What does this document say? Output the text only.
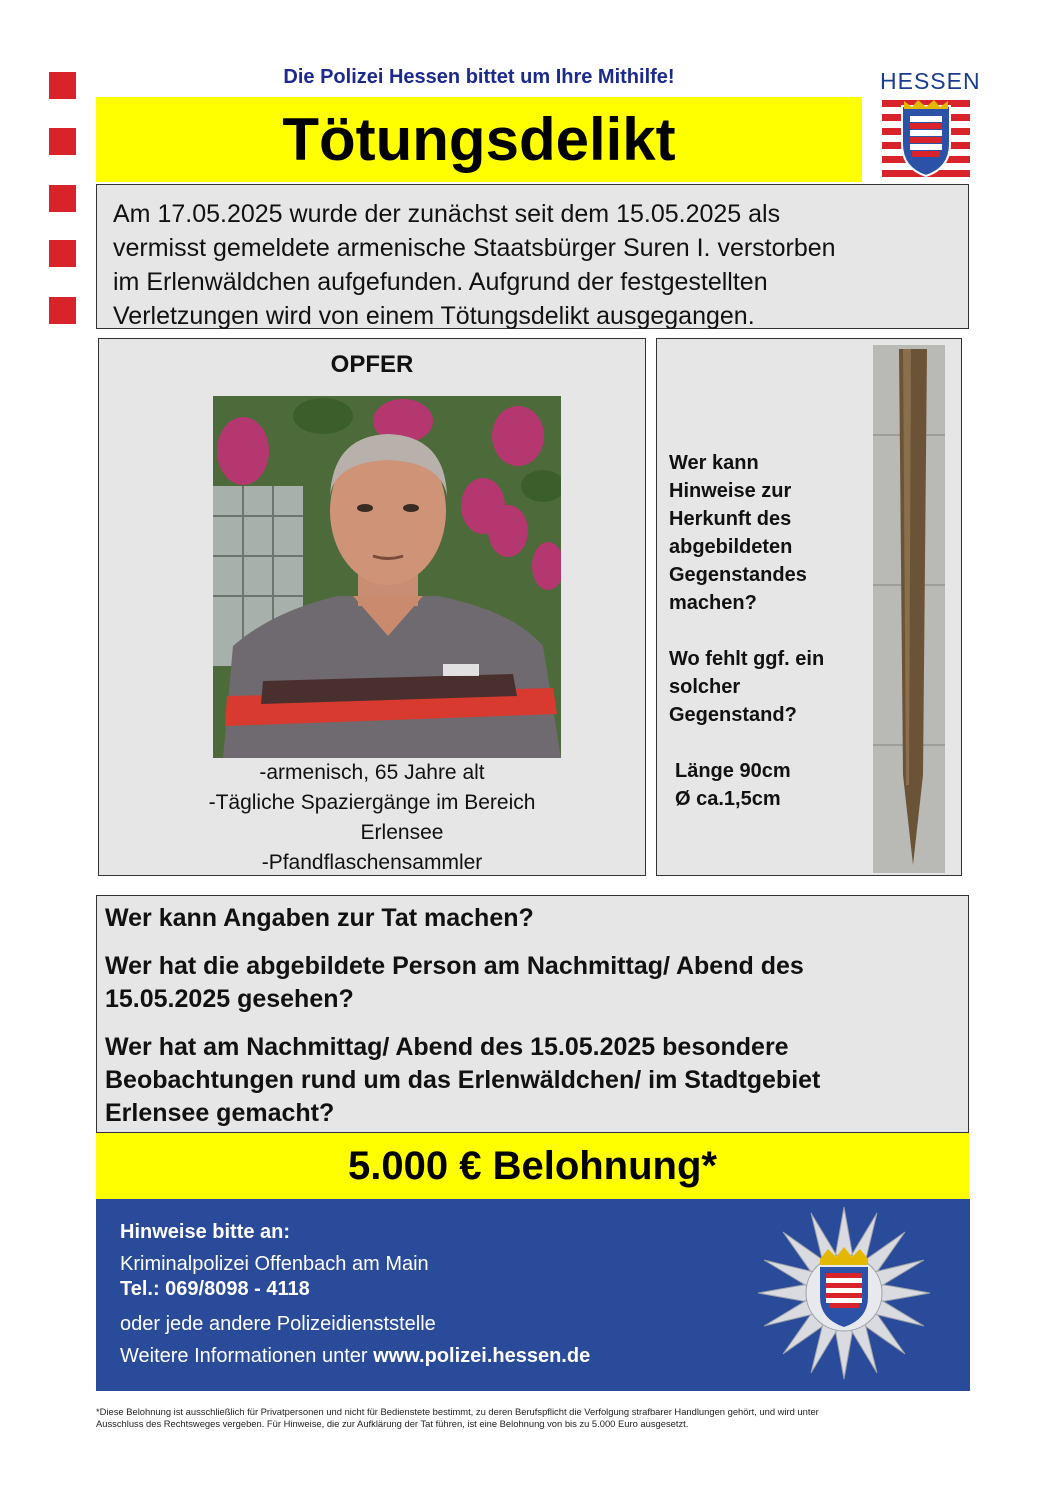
Die Polizei Hessen bittet um Ihre Mithilfe!
Tötungsdelikt
HESSEN
Am 17.05.2025 wurde der zunächst seit dem 15.05.2025 als
vermisst gemeldete armenische Staatsbürger Suren I. verstorben
im Erlenwäldchen aufgefunden. Aufgrund der festgestellten
Verletzungen wird von einem Tötungsdelikt ausgegangen.
OPFER
-armenisch, 65 Jahre alt
-Tägliche Spaziergänge im Bereich
Erlensee
-Pfandflaschensammler

Wer kann
Hinweise zur
Herkunft des
abgebildeten
Gegenstandes
machen?

Wo fehlt ggf. ein
solcher
Gegenstand?

Länge 90cm
Ø ca.1,5cm

Wer kann Angaben zur Tat machen?

Wer hat die abgebildete Person am Nachmittag/ Abend des
15.05.2025 gesehen?

Wer hat am Nachmittag/ Abend des 15.05.2025 besondere
Beobachtungen rund um das Erlenwäldchen/ im Stadtgebiet
Erlensee gemacht?

5.000 € Belohnung*
Hinweise bitte an:
Kriminalpolizei Offenbach am Main
Tel.: 069/8098 - 4118
oder jede andere Polizeidienststelle
Weitere Informationen unter www.polizei.hessen.de
*Diese Belohnung ist ausschließlich für Privatpersonen und nicht für Bedienstete bestimmt, zu deren Berufspflicht die Verfolgung strafbarer Handlungen gehört, und wird unter
Ausschluss des Rechtsweges vergeben. Für Hinweise, die zur Aufklärung der Tat führen, ist eine Belohnung von bis zu 5.000 Euro ausgesetzt.
